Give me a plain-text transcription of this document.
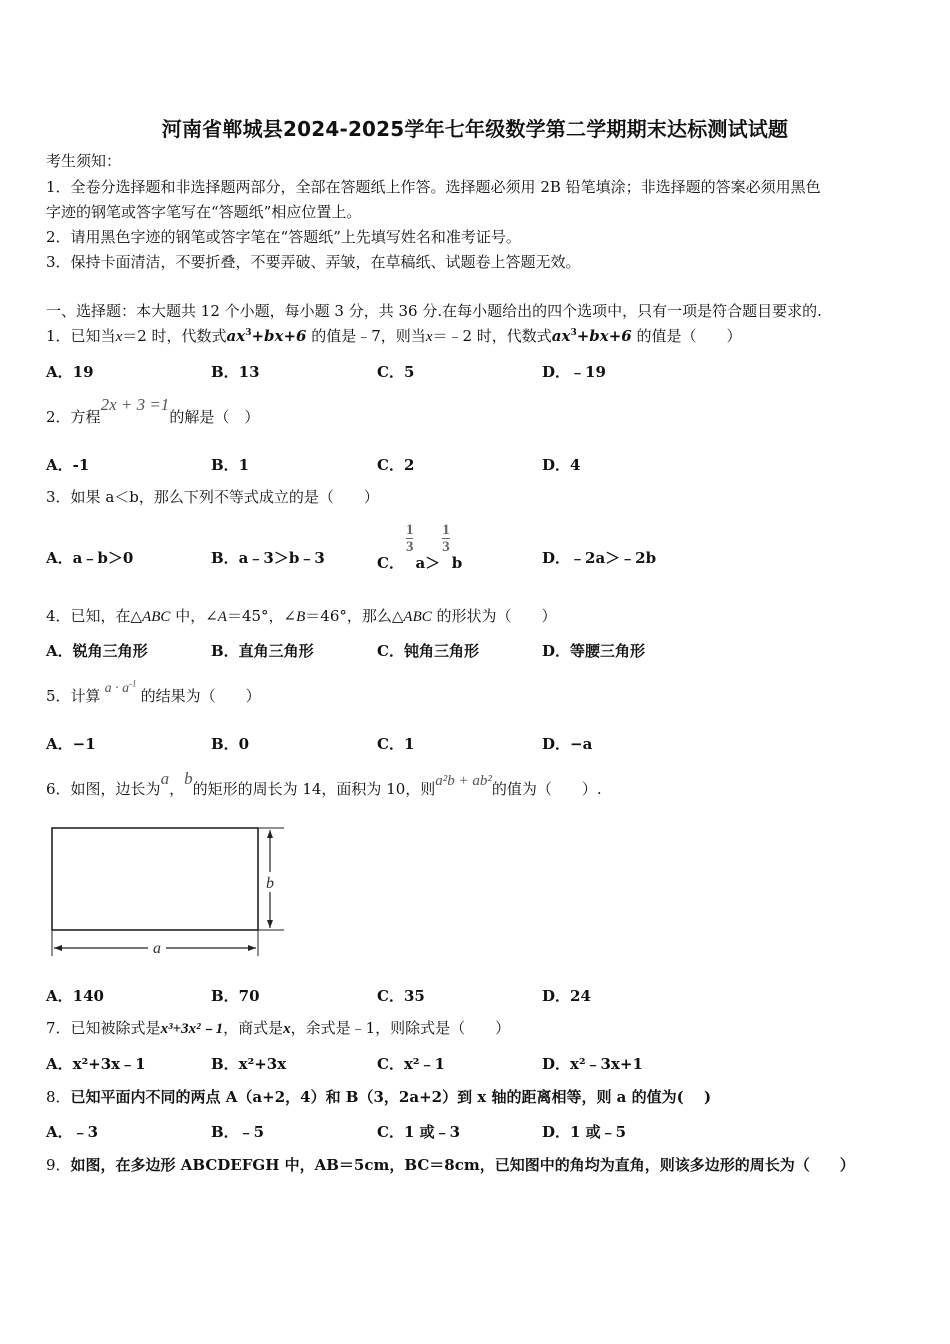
河南省郸城县2024-2025学年七年级数学第二学期期末达标测试试题
考生须知：
1．全卷分选择题和非选择题两部分，全部在答题纸上作答。选择题必须用 2B 铅笔填涂；非选择题的答案必须用黑色
字迹的钢笔或答字笔写在“答题纸”相应位置上。
2．请用黑色字迹的钢笔或答字笔在“答题纸”上先填写姓名和准考证号。
3．保持卡面清洁，不要折叠，不要弄破、弄皱，在草稿纸、试题卷上答题无效。
一、选择题：本大题共 12 个小题，每小题 3 分，共 36 分.在每小题给出的四个选项中，只有一项是符合题目要求的.
1．已知当x＝2 时，代数式$ax^3+bx+6$ 的值是﹣7，则当x＝﹣2 时，代数式$ax^3+bx+6$ 的值是（　　）
A．19	B．13	C．5	D．﹣19
2．方程2x + 3 =1的解是（　）
A．-1	B．1	C．2	D．4
3．如果 a＜b，那么下列不等式成立的是（　　）
A．a﹣b＞0	B．a﹣3＞b﹣3	C．
$\frac{1}{3}$
a＞
$\frac{1}{3}$
b	D．﹣2a＞﹣2b
4．已知，在△ABC 中，∠A＝45°，∠B＝46°，那么△ABC 的形状为（　　）
A．锐角三角形	B．直角三角形	C．钝角三角形	D．等腰三角形
5．计算 $a \cdot a^{-1}$的结果为（　　）
A．−1	B．0	C．1	D．−a
6．如图，边长为a，b的矩形的周长为 14，面积为 10，则a²b + ab²的值为（　　）.
b
a
A．140	B．70	C．35	D．24
7．已知被除式是x³+3x²﹣1，商式是x，余式是﹣1，则除式是（　　）
A．x²+3x﹣1	B．x²+3x	C．x²﹣1	D．x²﹣3x+1
8．已知平面内不同的两点 A（a+2，4）和 B（3，2a+2）到 x 轴的距离相等，则 a 的值为(　 )
A．﹣3	B．﹣5	C．1 或﹣3	D．1 或﹣5
9．如图，在多边形 ABCDEFGH 中，AB＝5cm，BC＝8cm，已知图中的角均为直角，则该多边形的周长为（　　）
